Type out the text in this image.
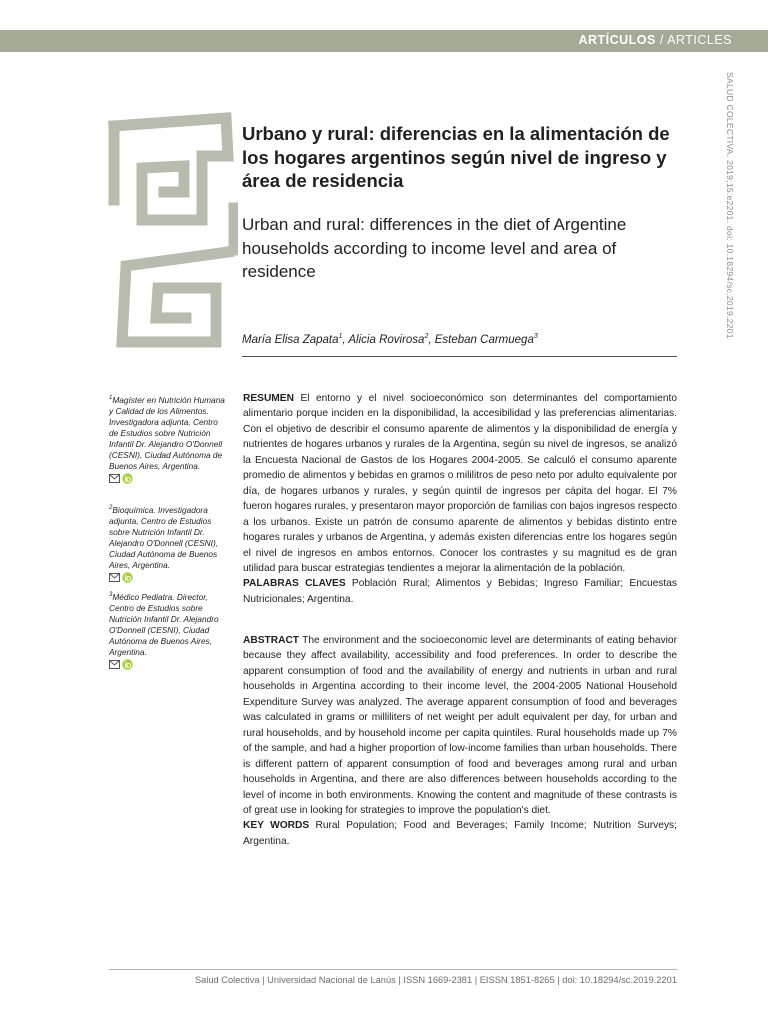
ARTÍCULOS / ARTICLES
SALUD COLECTIVA. 2019;15:e2201. doi: 10.18294/sc.2019.2201
Urbano y rural: diferencias en la alimentación de los hogares argentinos según nivel de ingreso y área de residencia
Urban and rural: differences in the diet of Argentine households according to income level and area of residence
María Elisa Zapata$^1$, Alicia Rovirosa$^2$, Esteban Carmuega$^3$
$^1$Magíster en Nutrición Humana y Calidad de los Alimentos. Investigadora adjunta, Centro de Estudios sobre Nutrición Infantil Dr. Alejandro O'Donnell (CESNI), Ciudad Autónoma de Buenos Aires, Argentina.

$^2$Bioquímica. Investigadora adjunta, Centro de Estudios sobre Nutrición Infantil Dr. Alejandro O'Donnell (CESNI), Ciudad Autónoma de Buenos Aires, Argentina.

$^3$Médico Pediatra. Director, Centro de Estudios sobre Nutrición Infantil Dr. Alejandro O'Donnell (CESNI), Ciudad Autónoma de Buenos Aires, Argentina.

RESUMEN El entorno y el nivel socioeconómico son determinantes del comportamiento alimentario porque inciden en la disponibilidad, la accesibilidad y las preferencias alimentarias. Con el objetivo de describir el consumo aparente de alimentos y la disponibilidad de energía y nutrientes de hogares urbanos y rurales de la Argentina, según su nivel de ingresos, se analizó la Encuesta Nacional de Gastos de los Hogares 2004-2005. Se calculó el consumo aparente promedio de alimentos y bebidas en gramos o mililitros de peso neto por adulto equivalente por día, de hogares urbanos y rurales, y según quintil de ingresos per cápita del hogar. El 7% fueron hogares rurales, y presentaron mayor proporción de familias con bajos ingresos respecto a los urbanos. Existe un patrón de consumo aparente de alimentos y bebidas distinto entre hogares rurales y urbanos de Argentina, y además existen diferencias entre los hogares según el nivel de ingresos en ambos entornos. Conocer los contrastes y su magnitud es de gran utilidad para buscar estrategias tendientes a mejorar la alimentación de la población.
PALABRAS CLAVES Población Rural; Alimentos y Bebidas; Ingreso Familiar; Encuestas Nutricionales; Argentina.
ABSTRACT The environment and the socioeconomic level are determinants of eating behavior because they affect availability, accessibility and food preferences. In order to describe the apparent consumption of food and the availability of energy and nutrients in urban and rural households in Argentina according to their income level, the 2004-2005 National Household Expenditure Survey was analyzed. The average apparent consumption of food and beverages was calculated in grams or milliliters of net weight per adult equivalent per day, for urban and rural households, and by household income per capita quintiles. Rural households made up 7% of the sample, and had a higher proportion of low-income families than urban households. There is different pattern of apparent consumption of food and beverages among rural and urban households in Argentina, and there are also differences between households according to the level of income in both environments. Knowing the content and magnitude of these contrasts is of great use in looking for strategies to improve the population's diet.
KEY WORDS Rural Population; Food and Beverages; Family Income; Nutrition Surveys; Argentina.
Salud Colectiva | Universidad Nacional de Lanús | ISSN 1669-2381 | EISSN 1851-8265 | doi: 10.18294/sc.2019.2201
